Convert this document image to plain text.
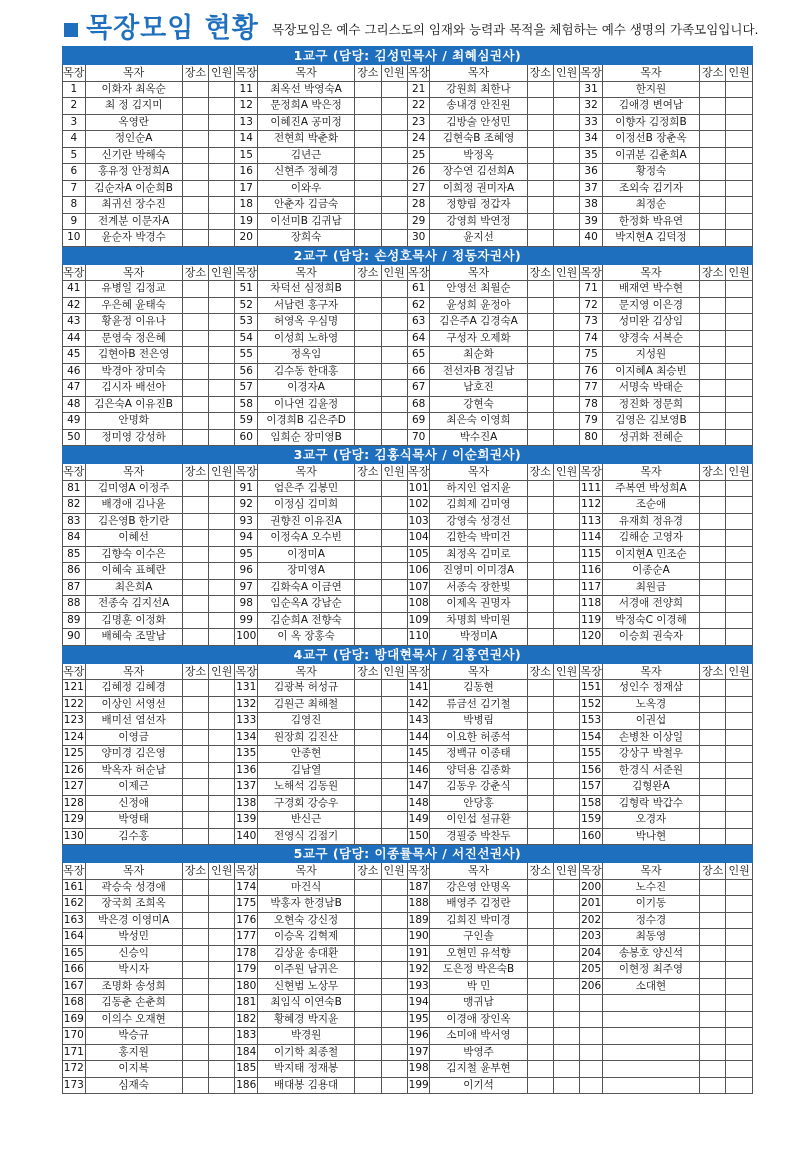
목장모임 현황 목장모임은 예수 그리스도의 임재와 능력과 목적을 체험하는 예수 생명의 가족모임입니다.
1교구 (담당: 김성민목사 / 최혜심권사)															
목장	목자	장소	인원	목장	목자	장소	인원	목장	목자	장소	인원	목장	목자	장소	인원
1	이화자 최옥순			11	최옥선 박영숙A			21	강원희 최한나			31	한지원		
2	최 정 김지미			12	문정희A 박은정			22	송내경 안진원			32	김애경 변여남		
3	옥영란			13	이혜진A 공미정			23	김방술 안성민			33	이향자 김정희B		
4	정인순A			14	전현희 박춘화			24	김현숙B 조혜영			34	이정선B 장춘옥		
5	신기란 박해숙			15	김년근			25	박정옥			35	이귀분 김춘희A		
6	홍유정 안정희A			16	신현주 정혜경			26	장수연 김선희A			36	황정숙		
7	김순자A 이순희B			17	이와우			27	이희정 권미자A			37	조외숙 김기자		
8	최귀선 장수진			18	안춘자 김금숙			28	정향림 정갑자			38	최정순		
9	전계분 이문자A			19	이선미B 김귀남			29	강영희 박연정			39	한정화 박유연		
10	윤순자 박경수			20	장희숙			30	윤지선			40	박지현A 김덕정		
2교구 (담당: 손성호목사 / 정동자권사)															
목장	목자	장소	인원	목장	목자	장소	인원	목장	목자	장소	인원	목장	목자	장소	인원
41	유병일 김정교			51	차덕선 심정희B			61	안영선 최월순			71	배재연 박수현		
42	우은혜 윤태숙			52	서남련 홍구자			62	윤성희 윤정아			72	문지영 이은경		
43	황윤정 이유나			53	허영옥 우심명			63	김은주A 김경숙A			73	성미완 김상임		
44	문영숙 정은혜			54	이성희 노하영			64	구성자 오제화			74	양경숙 서복순		
45	김현아B 전은영			55	정옥임			65	최순화			75	지성원		
46	박경아 장미숙			56	김수동 한대홍			66	전선자B 정길남			76	이지혜A 최승빈		
47	김시자 배선아			57	이경자A			67	남호진			77	서명숙 박태순		
48	김은숙A 이유진B			58	이나연 김윤정			68	강현숙			78	정진화 정문희		
49	안명화			59	이경희B 김은주D			69	최은숙 이영희			79	김영은 김보영B		
50	정미영 강성하			60	임희순 장미영B			70	박수진A			80	성귀화 전혜순		
3교구 (담당: 김홍식목사 / 이순희권사)															
목장	목자	장소	인원	목장	목자	장소	인원	목장	목자	장소	인원	목장	목자	장소	인원
81	김미영A 이정주			91	엄은주 김봉민			101	하지인 엄지윤			111	주복연 박성희A		
82	배경애 김나윤			92	이정심 김미희			102	김희제 김미영			112	조순애		
83	김은영B 한기란			93	권향진 이유진A			103	강영숙 성경선			113	유재희 정유경		
84	이혜선			94	이정숙A 오수빈			104	김한숙 박미건			114	김해순 고영자		
85	김향숙 이수은			95	이정미A			105	최정옥 김미로			115	이지현A 민조순		
86	이혜숙 표혜란			96	장미영A			106	진영미 이미경A			116	이종순A		
87	최은희A			97	김화숙A 이금연			107	서종숙 장한빛			117	최원금		
88	전종숙 김지선A			98	임순옥A 강남순			108	이제옥 권명자			118	서경애 전양희		
89	김명훈 이정화			99	김순희A 전향숙			109	차명희 박미원			119	박정숙C 이경해		
90	배혜숙 조말남			100	이 옥 장홍숙			110	박정미A			120	이승희 권숙자		
4교구 (담당: 방대현목사 / 김홍연권사)															
목장	목자	장소	인원	목장	목자	장소	인원	목장	목자	장소	인원	목장	목자	장소	인원
121	김혜정 김혜경			131	김광복 허성규			141	김동현			151	성인수 정재삼		
122	이상인 서영선			132	김원근 최해철			142	류금선 김기철			152	노옥경		
123	배미선 염선자			133	김영진			143	박병림			153	이권섭		
124	이영금			134	원장희 김진산			144	이요한 허종석			154	손병찬 이상일		
125	양미경 김은영			135	안종현			145	정백규 이종태			155	강상구 박철우		
126	박옥자 허순남			136	김남열			146	양덕용 김종화			156	한경식 서준원		
127	이제근			137	노해석 김동원			147	김동우 강춘식			157	김형완A		
128	신정애			138	구경회 강승우			148	안당홍			158	김형락 박갑수		
129	박영태			139	반신근			149	이인섭 설규환			159	오경자		
130	김수홍			140	전영식 김점기			150	경필중 박찬두			160	박나현		
5교구 (담당: 이종률목사 / 서진선권사)															
목장	목자	장소	인원	목장	목자	장소	인원	목장	목자	장소	인원	목장	목자	장소	인원
161	곽승숙 성경애			174	마건식			187	강은영 안명옥			200	노수진		
162	장국희 조희옥			175	박홍자 한경남B			188	배영주 김정란			201	이기동		
163	박은경 이영미A			176	오현숙 강신정			189	김희진 박미경			202	정수경		
164	박성민			177	이승옥 김혁제			190	구인솔			203	최동영		
165	신승익			178	김상윤 송대환			191	오현민 유석향			204	송봉호 양신석		
166	박시자			179	이주원 남귀은			192	도은정 박은숙B			205	이현정 최주영		
167	조명화 송성희			180	신현범 노상무			193	박 민			206	소대현		
168	김동춘 손춘희			181	최임식 이연숙B			194	맹귀남						
169	이의수 오재현			182	황혜경 박지윤			195	이경애 장인옥						
170	박승규			183	박경원			196	소미애 박서영						
171	홍지원			184	이기학 최종철			197	박영주						
172	이지복			185	박지태 정재봉			198	김지철 윤부현						
173	심재숙			186	배대봉 김용대			199	이기석						
